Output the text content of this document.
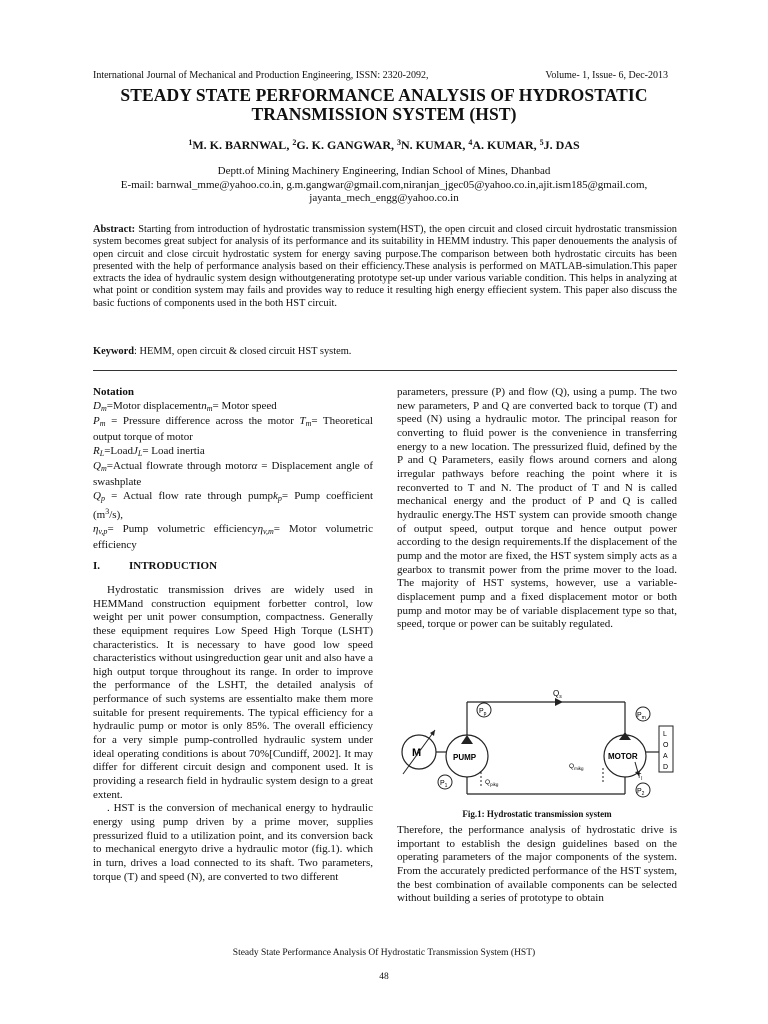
International Journal of Mechanical and Production Engineering, ISSN: 2320-2092,	Volume- 1, Issue- 6, Dec-2013
STEADY STATE PERFORMANCE ANALYSIS OF HYDROSTATIC
TRANSMISSION SYSTEM (HST)
$^1$M. K. BARNWAL, $^2$G. K. GANGWAR, $^3$N. KUMAR, $^4$A. KUMAR, $^5$J. DAS
Deptt.of Mining Machinery Engineering, Indian School of Mines, Dhanbad
E-mail: barnwal_mme@yahoo.co.in, g.m.gangwar@gmail.com,niranjan_jgec05@yahoo.co.in,ajit.ism185@gmail.com,
jayanta_mech_engg@yahoo.co.in
Abstract: Starting from introduction of hydrostatic transmission system(HST), the open circuit and closed circuit hydrostatic transmission system becomes great subject for analysis of its performance and its suitability in HEMM industry. This paper denouements the analysis of open circuit and close circuit hydrostatic system for energy saving purpose.The comparison between both hydrostatic circuits has been presented with the help of performance analysis based on their efficiency.These analysis is performed on MATLAB-simulation.This paper extracts the idea of hydraulic system design withoutgenerating prototype set-up under various variable condition. This helps in analyzing at what point or condition system may fails and provides way to reduce it resulting high energy effiecient system. This paper also discuss the basic fuctions of components used in the both HST circuit.
Keyword: HEMM, open circuit & closed circuit HST system.

Notation

$D_m=Motor$ displacementn$_m$= Motor speed

$P_m$ = Pressure difference across the motor $T_m=$ Theoretical output torque of motor

$R_L=LoadJ_L=$ Load inertia

$Q_m=Actual$ flowrate through motorα = Displacement angle of swashplate

$Q_p$ = Actual flow rate through pumpk$_p$= Pump coefficient $(m^3/s)$,

$\eta_{v,p}=$ Pump volumetric efficiencyη$_{v,m}$= Motor volumetric efficiency

I.	INTRODUCTION

Hydrostatic transmission drives are widely used in HEMMand construction equipment forbetter control, low weight per unit power consumption, compactness. Generally these equipment requires Low Speed High Torque (LSHT) characteristics. It is necessary to have good low speed characteristics without usingreduction gear unit and also have a high output torque throughout its range. In order to improve the performance of the LSHT, the detailed analysis of performance of such systems are essentialto make them more suitable for present requirements. The typical efficiency for a hydraulic pump or motor is only 85%. The overall efficiency for a very simple pump-controlled hydraulic system under ideal operating conditions is about 70%[Cundiff, 2002]. It may differ for different circuit design and component used. It is providing a research field in hydraulic system design to a great extent.

. HST is the conversion of mechanical energy to hydraulic energy using pump driven by a prime mover, supplies pressurized fluid to a utilization point, and its conversion back to mechanical energyto drive a hydraulic motor (fig.1). which in turn, drives a load connected to its shaft. Two parameters, torque (T) and speed (N), are converted to two different

parameters, pressure (P) and flow (Q), using a pump. The two new parameters, P and Q are converted back to torque (T) and speed (N) using a hydraulic motor. The principal reason for converting to fluid power is the convenience in transferring energy to a new location. The pressurized fluid, defined by the P and Q Parameters, easily flows around corners and along irregular pathways before reaching the point where it is reconverted to T and N. The product of T and N is called mechanical energy and the product of P and Q is called hydraulic energy.The HST system can provide smooth change of output speed, output torque and hence output power according to the design requirements.If the displacement of the pump and the motor are fixed, the HST system simply acts as a gearbox to transmit power from the prime mover to the load. The majority of HST systems, however, use a variable-displacement pump and a fixed displacement motor or both pump and motor may be of variable displacement type so that, speed, torque or power can be suitably regulated.

M	PUMP
$P_p$	$P_m$
$P_1$
$P_2$
$Q_s$
$Q_{pikg}$
$Q_{mikg}$
MOTOR
$T_l$
L
O
A
D
Fig.1: Hydrostatic transmission system

Therefore, the performance analysis of hydrostatic drive is important to establish the design guidelines based on the operating parameters of the major components of the system. From the accurately predicted performance of the HST system, the best combination of available components can be selected without building a series of prototype to obtain

Steady State Performance Analysis Of Hydrostatic Transmission System (HST)
48
